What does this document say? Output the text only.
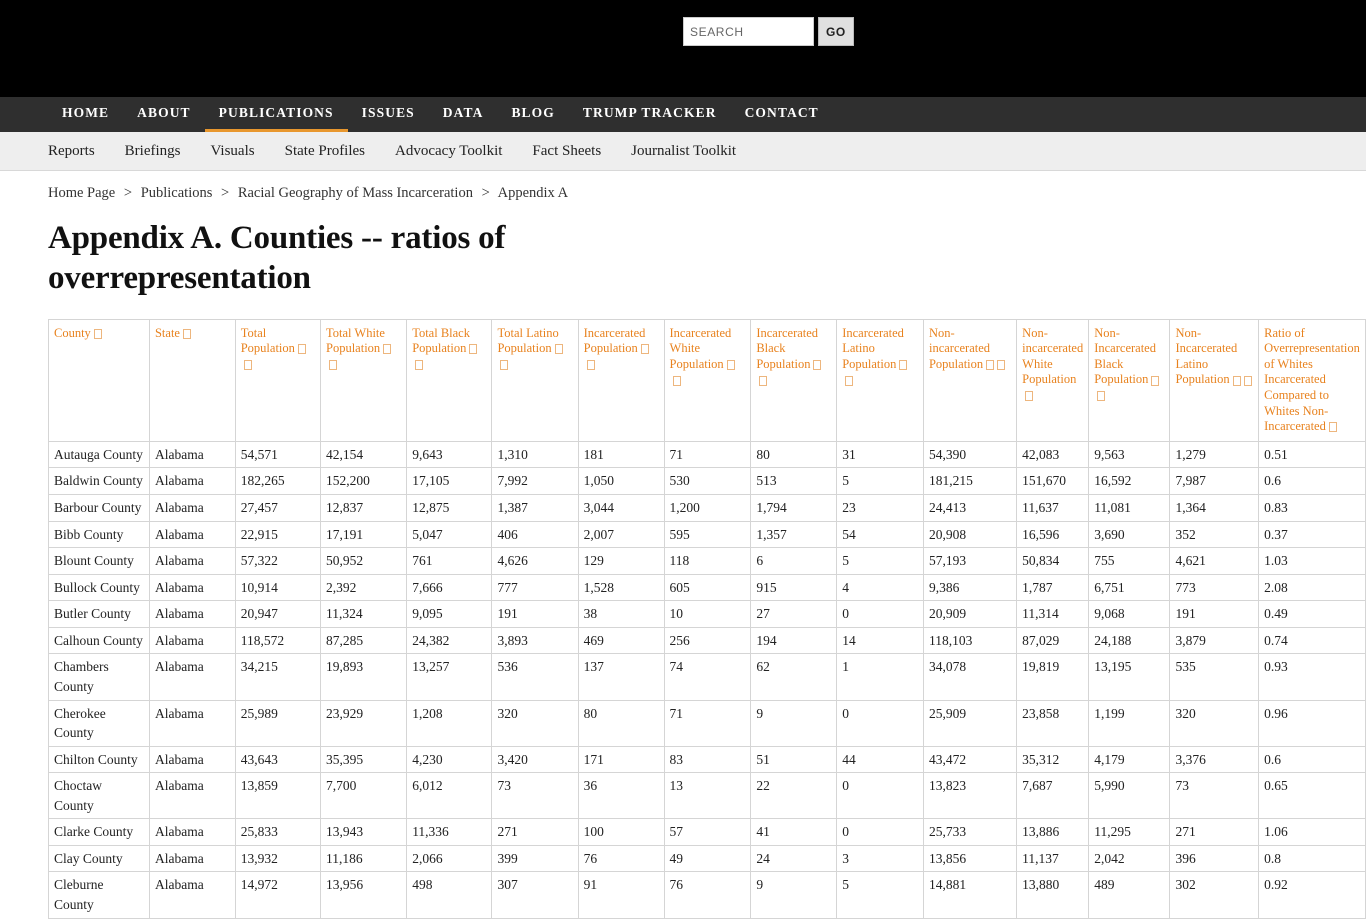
SEARCH
GO
HOME	ABOUT	PUBLICATIONS	ISSUES	DATA	BLOG	TRUMP TRACKER	CONTACT
Reports	Briefings	Visuals	State Profiles	Advocacy Toolkit	Fact Sheets	Journalist Toolkit
Home Page > Publications > Racial Geography of Mass Incarceration > Appendix A
Appendix A. Counties -- ratios of overrepresentation
County	State	Total Population	Total White Population	Total Black Population	Total Latino Population	Incarcerated Population	Incarcerated White Population	Incarcerated Black Population	Incarcerated Latino Population	Non-incarcerated Population	Non-incarcerated White Population	Non-Incarcerated Black Population	Non-Incarcerated Latino Population	Ratio of Overrepresentation of Whites Incarcerated Compared to Whites Non-Incarcerated
Autauga County	Alabama	54,571	42,154	9,643	1,310	181	71	80	31	54,390	42,083	9,563	1,279	0.51
Baldwin County	Alabama	182,265	152,200	17,105	7,992	1,050	530	513	5	181,215	151,670	16,592	7,987	0.6
Barbour County	Alabama	27,457	12,837	12,875	1,387	3,044	1,200	1,794	23	24,413	11,637	11,081	1,364	0.83
Bibb County	Alabama	22,915	17,191	5,047	406	2,007	595	1,357	54	20,908	16,596	3,690	352	0.37
Blount County	Alabama	57,322	50,952	761	4,626	129	118	6	5	57,193	50,834	755	4,621	1.03
Bullock County	Alabama	10,914	2,392	7,666	777	1,528	605	915	4	9,386	1,787	6,751	773	2.08
Butler County	Alabama	20,947	11,324	9,095	191	38	10	27	0	20,909	11,314	9,068	191	0.49
Calhoun County	Alabama	118,572	87,285	24,382	3,893	469	256	194	14	118,103	87,029	24,188	3,879	0.74
Chambers County	Alabama	34,215	19,893	13,257	536	137	74	62	1	34,078	19,819	13,195	535	0.93
Cherokee County	Alabama	25,989	23,929	1,208	320	80	71	9	0	25,909	23,858	1,199	320	0.96
Chilton County	Alabama	43,643	35,395	4,230	3,420	171	83	51	44	43,472	35,312	4,179	3,376	0.6
Choctaw County	Alabama	13,859	7,700	6,012	73	36	13	22	0	13,823	7,687	5,990	73	0.65
Clarke County	Alabama	25,833	13,943	11,336	271	100	57	41	0	25,733	13,886	11,295	271	1.06
Clay County	Alabama	13,932	11,186	2,066	399	76	49	24	3	13,856	11,137	2,042	396	0.8
Cleburne County	Alabama	14,972	13,956	498	307	91	76	9	5	14,881	13,880	489	302	0.92
